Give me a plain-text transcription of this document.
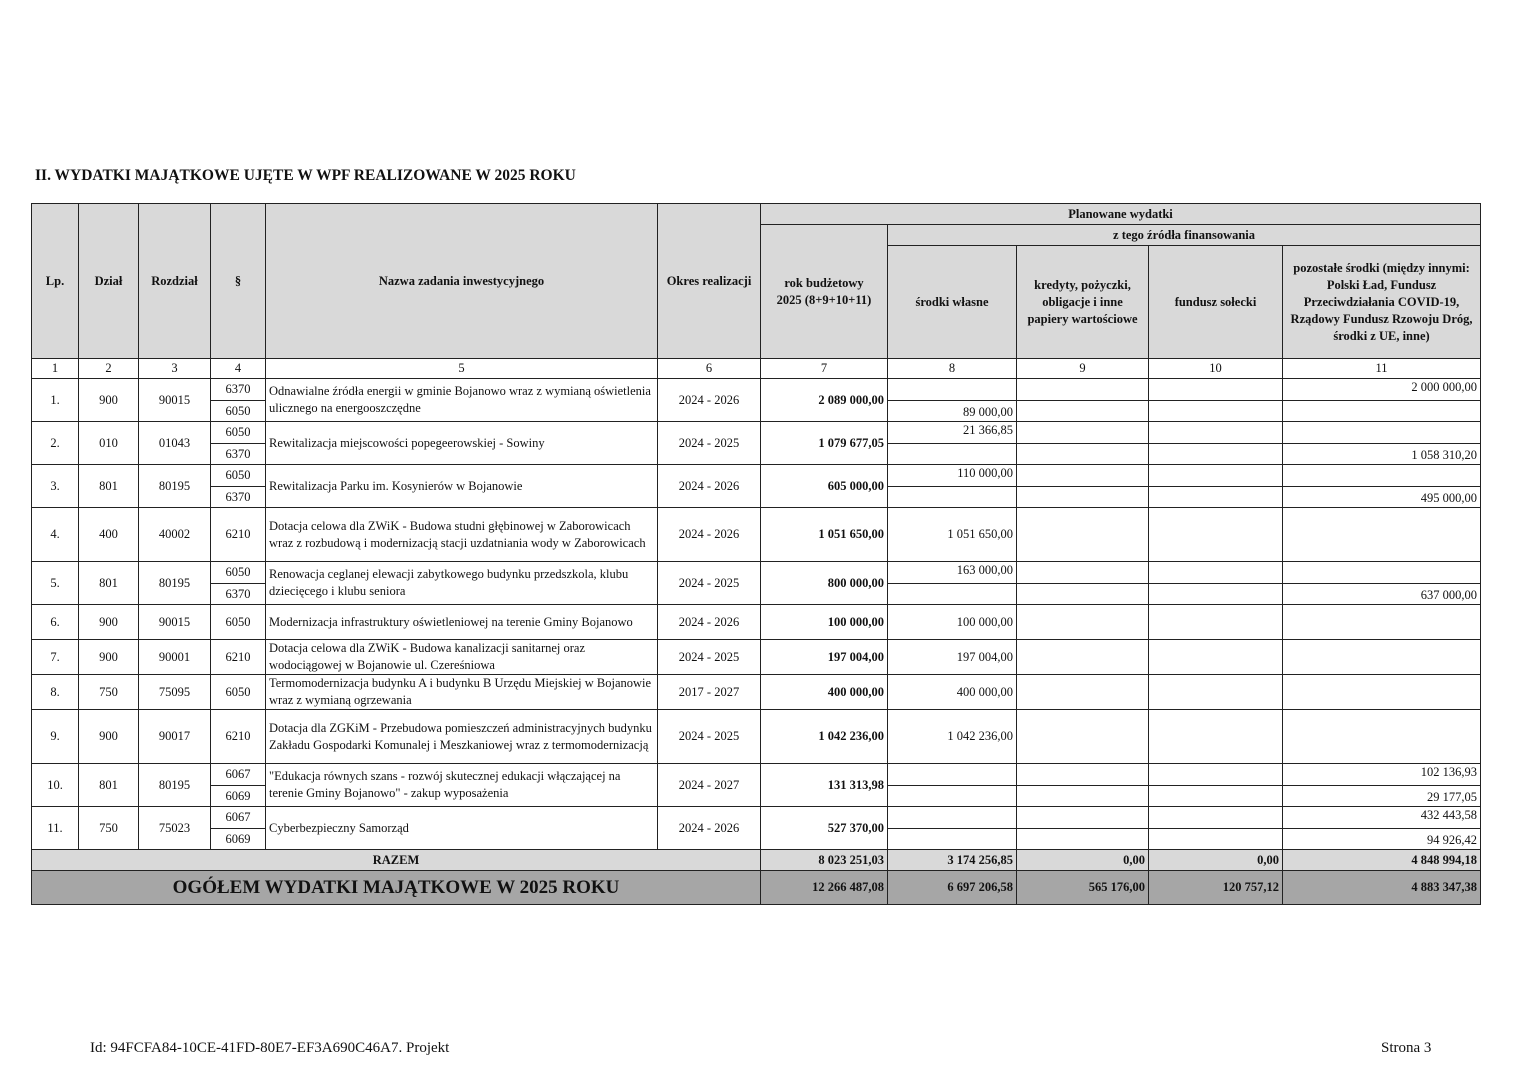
II. WYDATKI MAJĄTKOWE UJĘTE W WPF REALIZOWANE W 2025 ROKU
Lp.	Dział	Rozdział	§	Nazwa zadania inwestycyjnego	Okres realizacji	Planowane wydatki				
						rok budżetowy 2025 (8+9+10+11)	z tego źródła finansowania			
							środki własne	kredyty, pożyczki, obligacje i inne papiery wartościowe	fundusz sołecki	pozostałe środki (między innymi: Polski Ład, Fundusz Przeciwdziałania COVID-19, Rządowy Fundusz Rzowoju Dróg, środki z UE, inne)
1	2	3	4	5	6	7	8	9	10	11
1.	900	90015	6370	Odnawialne źródła energii w gminie Bojanowo wraz z wymianą oświetlenia ulicznego na energooszczędne	2024 - 2026	2 089 000,00				2 000 000,00
			6050				89 000,00			
2.	010	01043	6050	Rewitalizacja miejscowości popegeerowskiej - Sowiny	2024 - 2025	1 079 677,05	21 366,85			
			6370							1 058 310,20
3.	801	80195	6050	Rewitalizacja Parku im. Kosynierów w Bojanowie	2024 - 2026	605 000,00	110 000,00			
			6370							495 000,00
4.	400	40002	6210	Dotacja celowa dla ZWiK - Budowa studni głębinowej w Zaborowicach wraz z rozbudową i modernizacją stacji uzdatniania wody w Zaborowicach	2024 - 2026	1 051 650,00	1 051 650,00			
5.	801	80195	6050	Renowacja ceglanej elewacji zabytkowego budynku przedszkola, klubu dziecięcego i klubu seniora	2024 - 2025	800 000,00	163 000,00			
			6370							637 000,00
6.	900	90015	6050	Modernizacja infrastruktury oświetleniowej na terenie Gminy Bojanowo	2024 - 2026	100 000,00	100 000,00			
7.	900	90001	6210	Dotacja celowa dla ZWiK - Budowa kanalizacji sanitarnej oraz wodociągowej w Bojanowie ul. Czereśniowa	2024 - 2025	197 004,00	197 004,00			
8.	750	75095	6050	Termomodernizacja budynku A i budynku B Urzędu Miejskiej w Bojanowie wraz z wymianą ogrzewania	2017 - 2027	400 000,00	400 000,00			
9.	900	90017	6210	Dotacja dla ZGKiM - Przebudowa pomieszczeń administracyjnych budynku Zakładu Gospodarki Komunalej i Meszkaniowej wraz z termomodernizacją	2024 - 2025	1 042 236,00	1 042 236,00			
10.	801	80195	6067	"Edukacja równych szans - rozwój skutecznej edukacji włączającej na terenie Gminy Bojanowo" - zakup wyposażenia	2024 - 2027	131 313,98				102 136,93
			6069							29 177,05
11.	750	75023	6067	Cyberbezpieczny Samorząd	2024 - 2026	527 370,00				432 443,58
			6069							94 926,42
RAZEM						8 023 251,03	3 174 256,85	0,00	0,00	4 848 994,18
OGÓŁEM WYDATKI MAJĄTKOWE W 2025 ROKU						12 266 487,08	6 697 206,58	565 176,00	120 757,12	4 883 347,38
Id: 94FCFA84-10CE-41FD-80E7-EF3A690C46A7. Projekt	Strona 3
